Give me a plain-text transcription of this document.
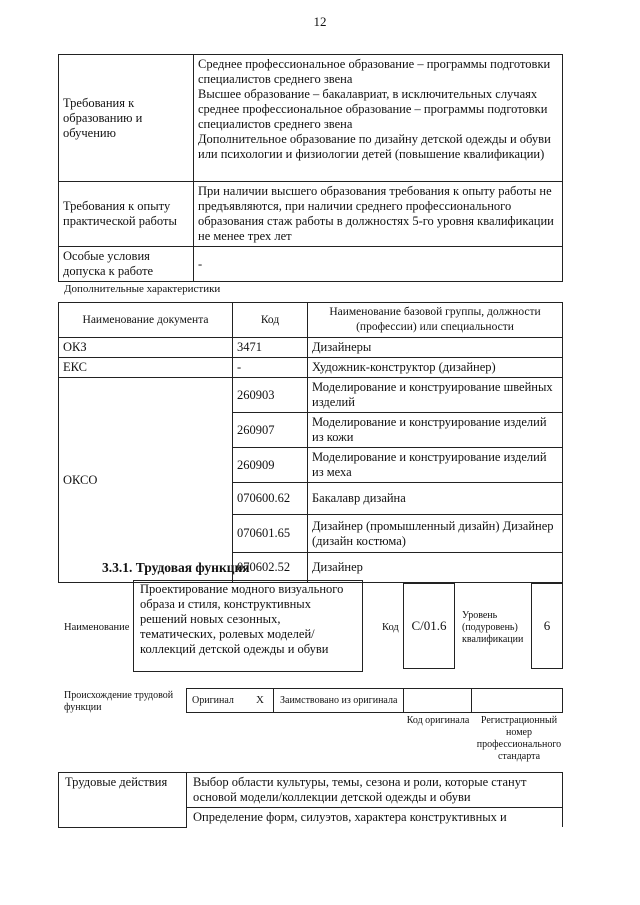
12
Требования к образованию и обучению	Среднее профессиональное образование – программы подготовки специалистов среднего звена
Высшее образование – бакалавриат, в исключительных случаях среднее профессиональное образование – программы подготовки специалистов среднего звена
Дополнительное образование по дизайну детской одежды и обуви или психологии и физиологии детей (повышение квалификации)

Требования к опыту практической работы	При наличии высшего образования требования к опыту работы не предъявляются, при наличии среднего профессионального образования стаж работы в должностях 5-го уровня квалификации не менее трех лет

Особые условия допуска к работе	-
Дополнительные характеристики
Наименование документа	Код	Наименование базовой группы, должности (профессии) или специальности
ОКЗ	3471	Дизайнеры
ЕКС	-	Художник-конструктор (дизайнер)
ОКСО	260903	Моделирование и конструирование швейных изделий
	260907	Моделирование и конструирование изделий из кожи
	260909	Моделирование и конструирование изделий из меха
	070600.62	Бакалавр дизайна
	070601.65	Дизайнер (промышленный дизайн) Дизайнер (дизайн костюма)
	070602.52	Дизайнер
3.3.1. Трудовая функция
Наименование
Проектирование модного визуального образа и стиля, конструктивных решений новых сезонных, тематических, ролевых моделей/коллекций детской одежды и обуви
Код С/01.6
Уровень (подуровень) квалификации
6
Происхождение трудовой функции
Оригинал X Заимствовано из оригинала
Код оригинала	Регистрационный номер профессионального стандарта
Трудовые действия	Выбор области культуры, темы, сезона и роли, которые станут основой модели/коллекции детской одежды и обуви
Определение форм, силуэтов, характера конструктивных и
